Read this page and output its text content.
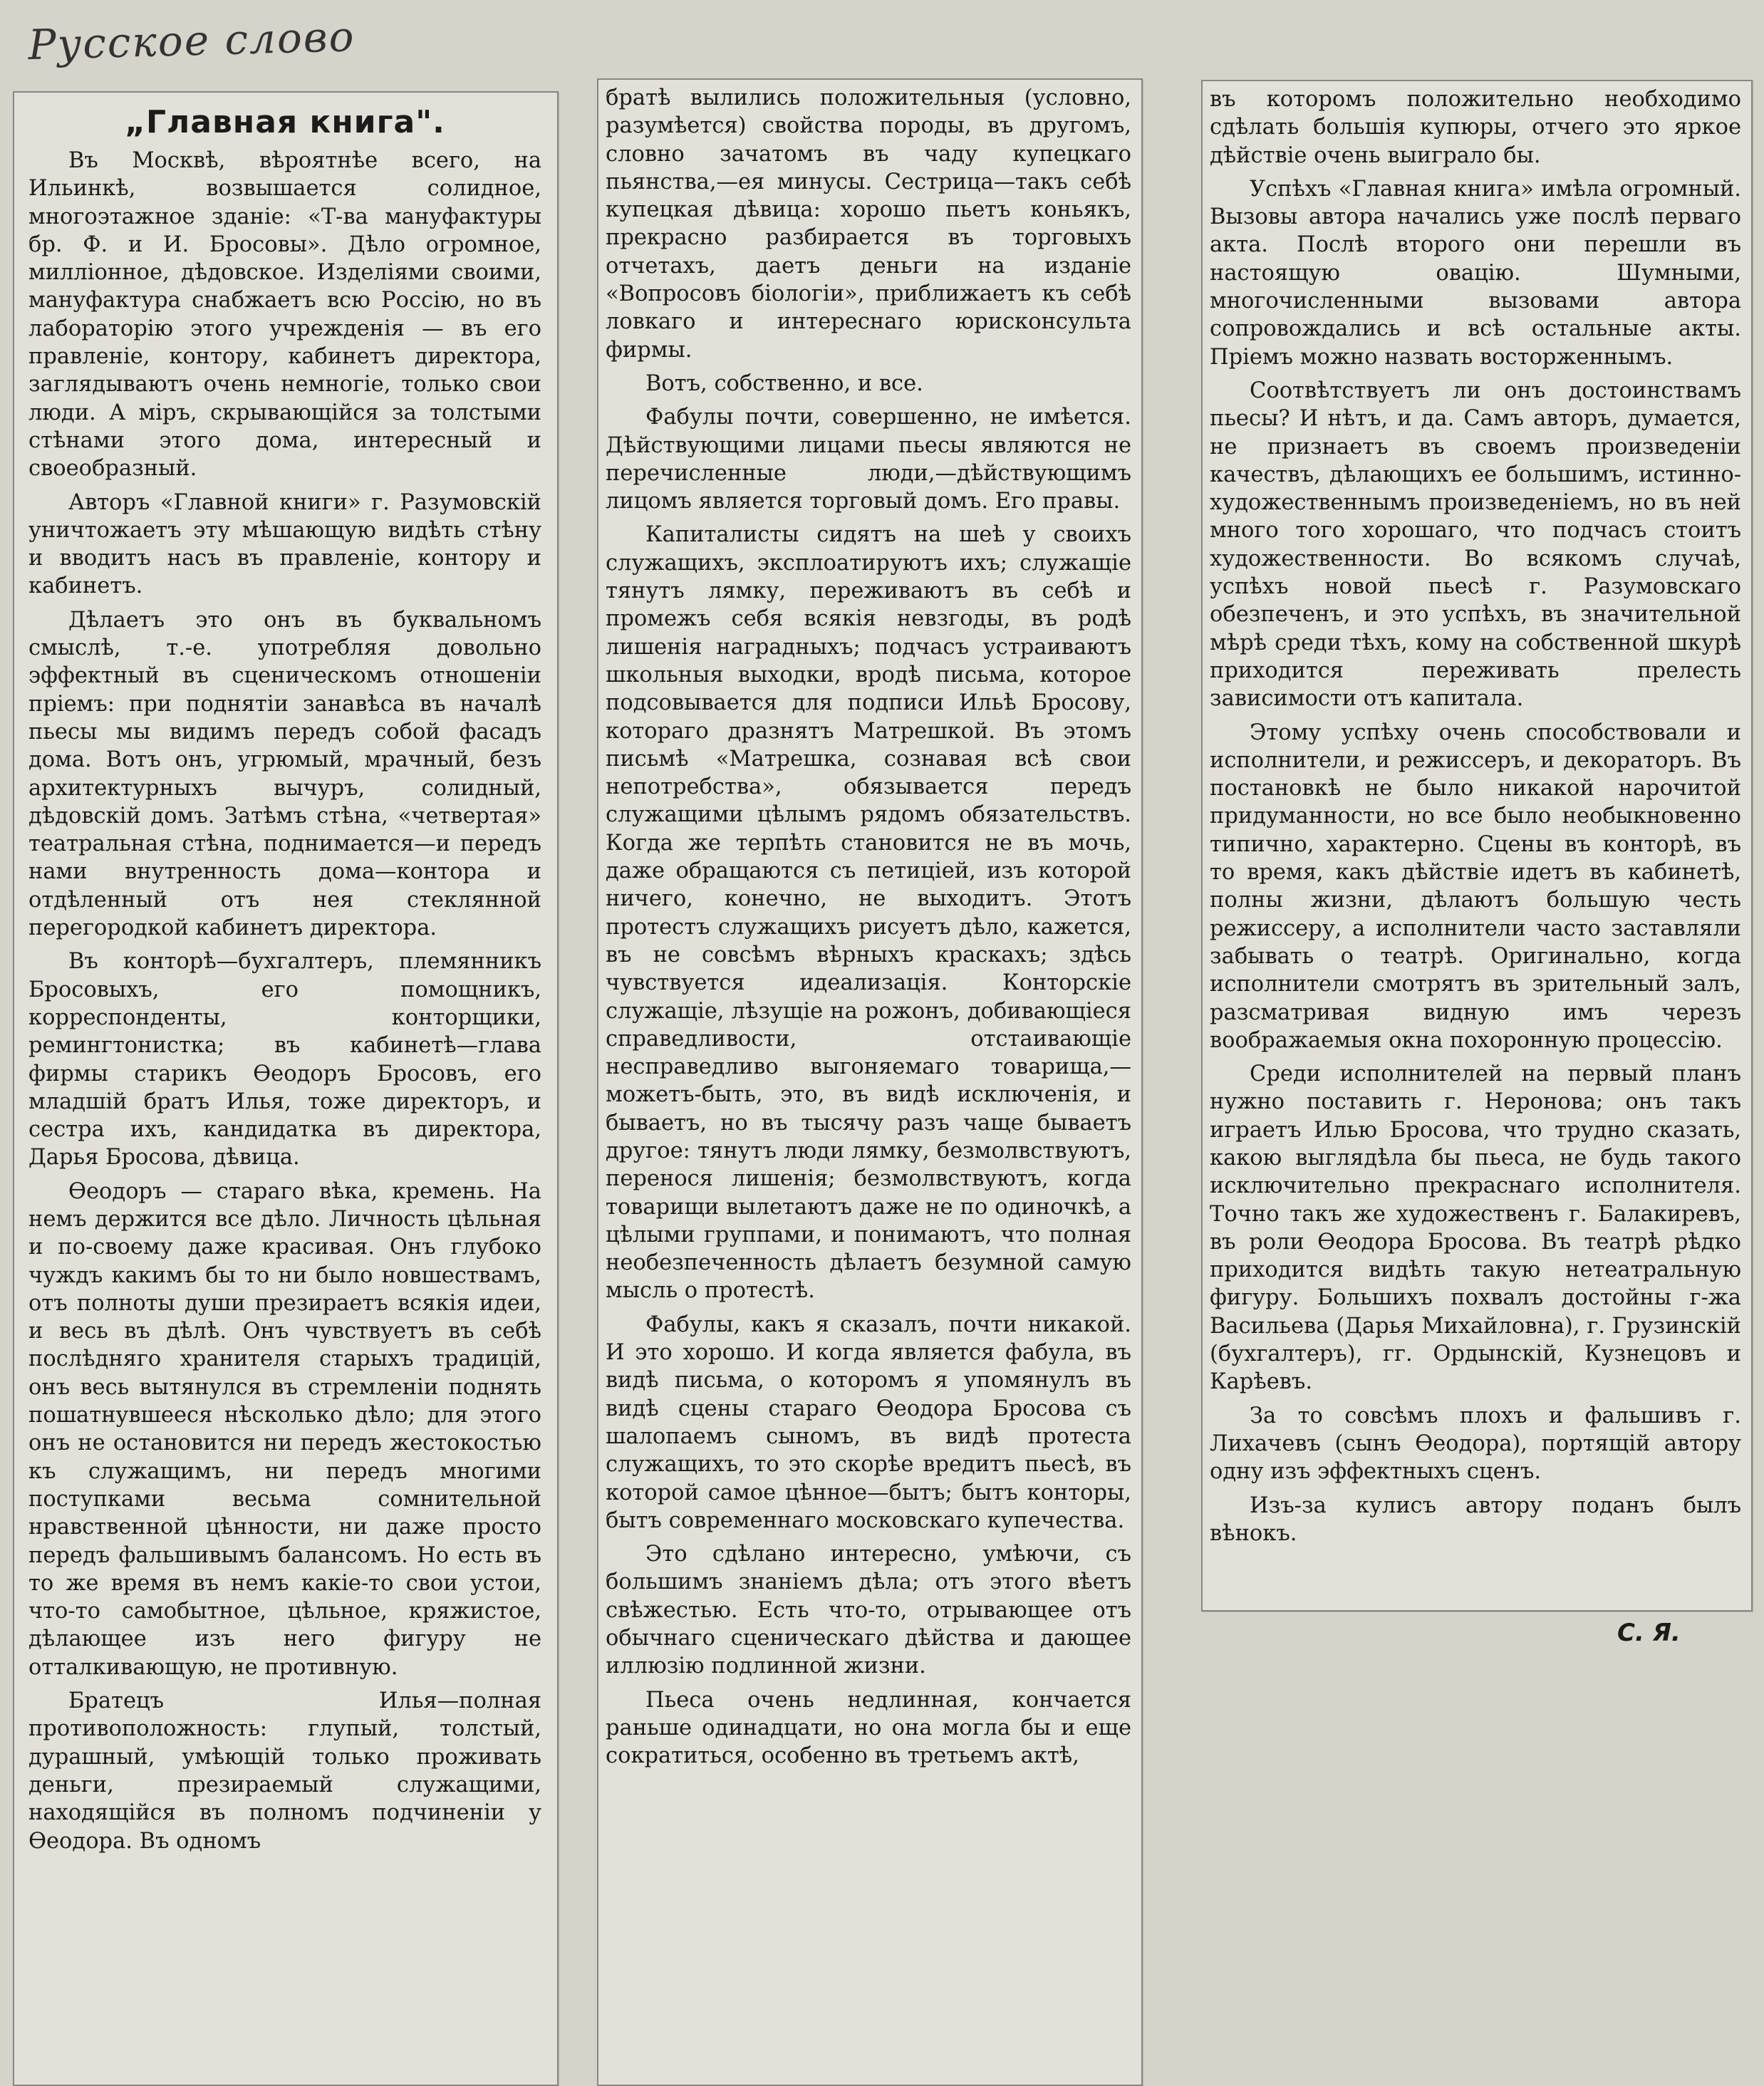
Русское слово
„Главная книга".

Въ Москвѣ, вѣроятнѣе всего, на Ильинкѣ, возвышается солидное, многоэтажное зданіе: «Т-ва мануфактуры бр. Ф. и И. Бросовы». Дѣло огромное, милліонное, дѣдовское. Изделіями своими, мануфактура снабжаетъ всю Россію, но въ лабораторію этого учрежденія — въ его правленіе, контору, кабинетъ директора, заглядываютъ очень немногіе, только свои люди. А міръ, скрывающійся за толстыми стѣнами этого дома, интересный и своеобразный.

Авторъ «Главной книги» г. Разумовскій уничтожаетъ эту мѣшающую видѣть стѣну и вводитъ насъ въ правленіе, контору и кабинетъ.

Дѣлаетъ это онъ въ буквальномъ смыслѣ, т.-е. употребляя довольно эффектный въ сценическомъ отношеніи пріемъ: при поднятіи занавѣса въ началѣ пьесы мы видимъ передъ собой фасадъ дома. Вотъ онъ, угрюмый, мрачный, безъ архитектурныхъ вычуръ, солидный, дѣдовскій домъ. Затѣмъ стѣна, «четвертая» театральная стѣна, поднимается—и передъ нами внутренность дома—контора и отдѣленный отъ нея стеклянной перегородкой кабинетъ директора.

Въ конторѣ—бухгалтеръ, племянникъ Бросовыхъ, его помощникъ, корреспонденты, конторщики, ремингтонистка; въ кабинетѣ—глава фирмы старикъ Ѳеодоръ Бросовъ, его младшій братъ Илья, тоже директоръ, и сестра ихъ, кандидатка въ директора, Дарья Бросова, дѣвица.

Ѳеодоръ — стараго вѣка, кремень. На немъ держится все дѣло. Личность цѣльная и по-своему даже красивая. Онъ глубоко чуждъ какимъ бы то ни было новшествамъ, отъ полноты души презираетъ всякія идеи, и весь въ дѣлѣ. Онъ чувствуетъ въ себѣ послѣдняго хранителя старыхъ традицій, онъ весь вытянулся въ стремленіи поднять пошатнувшееся нѣсколько дѣло; для этого онъ не останoвится ни передъ жестокостью къ служащимъ, ни передъ многими поступками весьма сомнительной нравственной цѣнности, ни даже просто передъ фальшивымъ балансомъ. Но есть въ то же время въ немъ какіе-то свои устои, что-то самобытное, цѣльное, кряжистое, дѣлающее изъ него фигуру не отталкивающую, не противную.

Братецъ Илья—полная противоположность: глупый, толстый, дурашный, умѣющій только проживать деньги, презираемый служащими, находящійся въ полномъ подчиненіи у Ѳеодора. Въ одномъ

братѣ вылились положительныя (условно, разумѣется) свойства породы, въ другомъ, словно зачатомъ въ чаду купецкаго пьянства,—ея минусы. Сестрица—такъ себѣ купецкая дѣвица: хорошо пьетъ коньякъ, прекрасно разбирается въ торговыхъ отчетахъ, даетъ деньги на изданіе «Вопросовъ біологіи», приближаетъ къ себѣ ловкаго и интереснаго юрисконсульта фирмы.

Вотъ, собственно, и все.

Фабулы почти, совершенно, не имѣется. Дѣйствующими лицами пьесы являются не перечисленные люди,—дѣйствующимъ лицомъ является торговый домъ. Его правы.

Капиталисты сидятъ на шеѣ у своихъ служащихъ, эксплоатируютъ ихъ; служащіе тянутъ лямку, переживаютъ въ себѣ и промежъ себя всякія невзгоды, въ родѣ лишенія наградныхъ; подчасъ устраиваютъ школьныя выходки, вродѣ письма, которое подсовывается для подписи Ильѣ Бросову, котораго дразнятъ Матрешкой. Въ этомъ письмѣ «Матрешка, сознавая всѣ свои непотребства», обязывается передъ служащими цѣлымъ рядомъ обязательствъ. Когда же терпѣть становится не въ мочь, даже обращаются съ петиціей, изъ которой ничего, конечно, не выходитъ. Этотъ протестъ служащихъ рисуетъ дѣло, кажется, въ не совсѣмъ вѣрныхъ краскахъ; здѣсь чувствуется идеализація. Конторскіе служащіе, лѣзущіе на рожонъ, добивающіеся справедливости, отстаивающіе несправедливо выгоняемаго товарища,—можетъ-быть, это, въ видѣ исключенія, и бываетъ, но въ тысячу разъ чаще бываетъ другое: тянутъ люди лямку, безмолвствуютъ, перенося лишенія; безмолвствуютъ, когда товарищи вылетаютъ даже не по одиночкѣ, а цѣлыми группами, и понимаютъ, что полная необезпеченность дѣлаетъ безумной самую мысль о протестѣ.

Фабулы, какъ я сказалъ, почти никакой. И это хорошо. И когда является фабула, въ видѣ письма, о которомъ я упомянулъ въ видѣ сцены стараго Ѳеодора Бросова съ шалопаемъ сыномъ, въ видѣ протеста служащихъ, то это скорѣе вредитъ пьесѣ, въ которой самое цѣнное—бытъ; бытъ конторы, бытъ современнаго московскаго купечества.

Это сдѣлано интересно, умѣючи, съ большимъ знаніемъ дѣла; отъ этого вѣетъ свѣжестью. Есть что-то, отрывающее отъ обычнаго сценическаго дѣйства и дающее иллюзію подлинной жизни.

Пьеса очень недлинная, кончается раньше одинадцати, но она могла бы и еще сократиться, особенно въ третьемъ актѣ,

въ которомъ положительно необходимо сдѣлать большія купюры, отчего это яркое дѣйствіе очень выиграло бы.

Успѣхъ «Главная книга» имѣла огромный. Вызовы автора начались уже послѣ перваго акта. Послѣ второго они перешли въ настоящую овацію. Шумными, многочисленными вызовами автора сопровождались и всѣ остальные акты. Пріемъ можно назвать восторженнымъ.

Соотвѣтствуетъ ли онъ достоинствамъ пьесы? И нѣтъ, и да. Самъ авторъ, думается, не признаетъ въ своемъ произведеніи качествъ, дѣлающихъ ее большимъ, истинно-художественнымъ произведеніемъ, но въ ней много того хорошаго, что подчасъ стоитъ художественности. Во всякомъ случаѣ, успѣхъ новой пьесѣ г. Разумовскаго обезпеченъ, и это успѣхъ, въ значительной мѣрѣ среди тѣхъ, кому на собственной шкурѣ приходится переживать прелесть зависимости отъ капитала.

Этому успѣху очень способствовали и исполнители, и режиссеръ, и декораторъ. Въ постановкѣ не было никакой нарочитой придуманности, но все было необыкновенно типично, характерно. Сцены въ конторѣ, въ то время, какъ дѣйствіе идетъ въ кабинетѣ, полны жизни, дѣлаютъ большую честь режиссеру, а исполнители часто заставляли забывать о театрѣ. Оригинально, когда исполнители смотрятъ въ зрительный залъ, разсматривая видную имъ черезъ воображаемыя окна похоронную процессію.

Среди исполнителей на первый планъ нужно поставить г. Неронова; онъ такъ играетъ Илью Бросова, что трудно сказать, какою выглядѣла бы пьеса, не будь такого исключительно прекраснаго исполнителя. Точно такъ же художественъ г. Балакиревъ, въ роли Ѳеодора Бросова. Въ театрѣ рѣдко приходится видѣть такую нетеатральную фигуру. Большихъ похвалъ достойны г-жа Васильева (Дарья Михайловна), г. Грузинскій (бухгалтеръ), гг. Ордынскій, Кузнецовъ и Карѣевъ.

За то совсѣмъ плохъ и фальшивъ г. Лихачевъ (сынъ Ѳеодора), портящій автору одну изъ эффектныхъ сценъ.

Изъ-за кулисъ автору поданъ былъ вѣнокъ.

С. Я.
